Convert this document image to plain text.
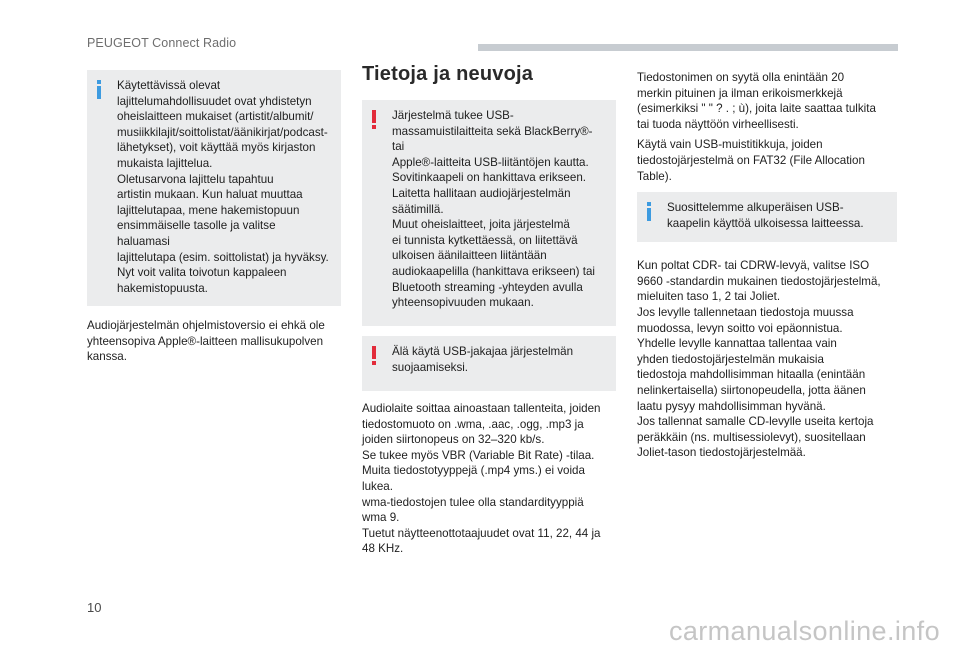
PEUGEOT Connect Radio

Käytettävissä olevat
lajittelumahdollisuudet ovat yhdistetyn
oheislaitteen mukaiset (artistit/albumit/
musiikkilajit/soittolistat/äänikirjat/podcast-
lähetykset), voit käyttää myös kirjaston
mukaista lajittelua.
Oletusarvona lajittelu tapahtuu
artistin mukaan. Kun haluat muuttaa
lajittelutapaa, mene hakemistopuun
ensimmäiselle tasolle ja valitse haluamasi
lajittelutapa (esim. soittolistat) ja hyväksy.
Nyt voit valita toivotun kappaleen
hakemistopuusta.

Audiojärjestelmän ohjelmistoversio ei ehkä ole
yhteensopiva Apple®-laitteen mallisukupolven
kanssa.

Tietoja ja neuvoja

Järjestelmä tukee USB-
massamuistilaitteita sekä BlackBerry®- tai
Apple®-laitteita USB-liitäntöjen kautta.
Sovitinkaapeli on hankittava erikseen.
Laitetta hallitaan audiojärjestelmän
säätimillä.
Muut oheislaitteet, joita järjestelmä
ei tunnista kytkettäessä, on liitettävä
ulkoisen äänilaitteen liitäntään
audiokaapelilla (hankittava erikseen) tai
Bluetooth streaming -yhteyden avulla
yhteensopivuuden mukaan.

Älä käytä USB-jakajaa järjestelmän
suojaamiseksi.

Audiolaite soittaa ainoastaan tallenteita, joiden
tiedostomuoto on .wma, .aac, .ogg, .mp3 ja
joiden siirtonopeus on 32–320 kb/s.
Se tukee myös VBR (Variable Bit Rate) -tilaa.
Muita tiedostotyyppejä (.mp4 yms.) ei voida
lukea.
wma-tiedostojen tulee olla standardityyppiä
wma 9.
Tuetut näytteenottotaajuudet ovat 11, 22, 44 ja
48 KHz.

Tiedostonimen on syytä olla enintään 20
merkin pituinen ja ilman erikoismerkkejä
(esimerkiksi " " ? . ; ù), joita laite saattaa tulkita
tai tuoda näyttöön virheellisesti.

Käytä vain USB-muistitikkuja, joiden
tiedostojärjestelmä on FAT32 (File Allocation
Table).

Suosittelemme alkuperäisen USB-
kaapelin käyttöä ulkoisessa laitteessa.

Kun poltat CDR- tai CDRW-levyä, valitse ISO
9660 -standardin mukainen tiedostojärjestelmä,
mieluiten taso 1, 2 tai Joliet.
Jos levylle tallennetaan tiedostoja muussa
muodossa, levyn soitto voi epäonnistua.
Yhdelle levylle kannattaa tallentaa vain
yhden tiedostojärjestelmän mukaisia
tiedostoja mahdollisimman hitaalla (enintään
nelinkertaisella) siirtonopeudella, jotta äänen
laatu pysyy mahdollisimman hyvänä.
Jos tallennat samalle CD-levylle useita kertoja
peräkkäin (ns. multisessiolevyt), suositellaan
Joliet-tason tiedostojärjestelmää.

10
carmanualsonline.info
